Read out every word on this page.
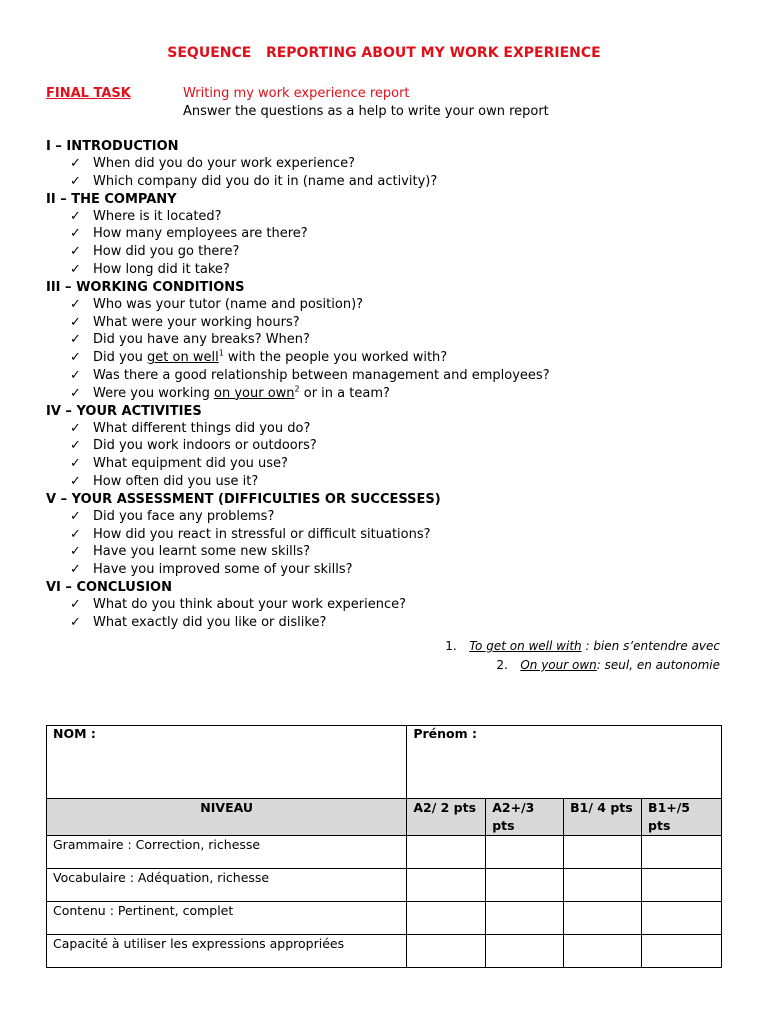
SEQUENCE   REPORTING ABOUT MY WORK EXPERIENCE
FINAL TASK	Writing my work experience report
Answer the questions as a help to write your own report
I – INTRODUCTION
✓ When did you do your work experience?
✓ Which company did you do it in (name and activity)?
II – THE COMPANY
✓ Where is it located?
✓ How many employees are there?
✓ How did you go there?
✓ How long did it take?
III – WORKING CONDITIONS
✓ Who was your tutor (name and position)?
✓ What were your working hours?
✓ Did you have any breaks? When?
✓ Did you get on well$^1$ with the people you worked with?
✓ Was there a good relationship between management and employees?
✓ Were you working on your own$^2$ or in a team?
IV – YOUR ACTIVITIES
✓ What different things did you do?
✓ Did you work indoors or outdoors?
✓ What equipment did you use?
✓ How often did you use it?
V – YOUR ASSESSMENT (DIFFICULTIES OR SUCCESSES)
✓ Did you face any problems?
✓ How did you react in stressful or difficult situations?
✓ Have you learnt some new skills?
✓ Have you improved some of your skills?
VI – CONCLUSION
✓ What do you think about your work experience?
✓ What exactly did you like or dislike?
1. To get on well with : bien s’entendre avec
2. On your own: seul, en autonomie
NOM :	Prénom :			
NIVEAU	A2/ 2 pts	A2+/3 pts	B1/ 4 pts	B1+/5 pts
Grammaire : Correction, richesse				
Vocabulaire : Adéquation, richesse				
Contenu : Pertinent, complet				
Capacité à utiliser les expressions appropriées				
